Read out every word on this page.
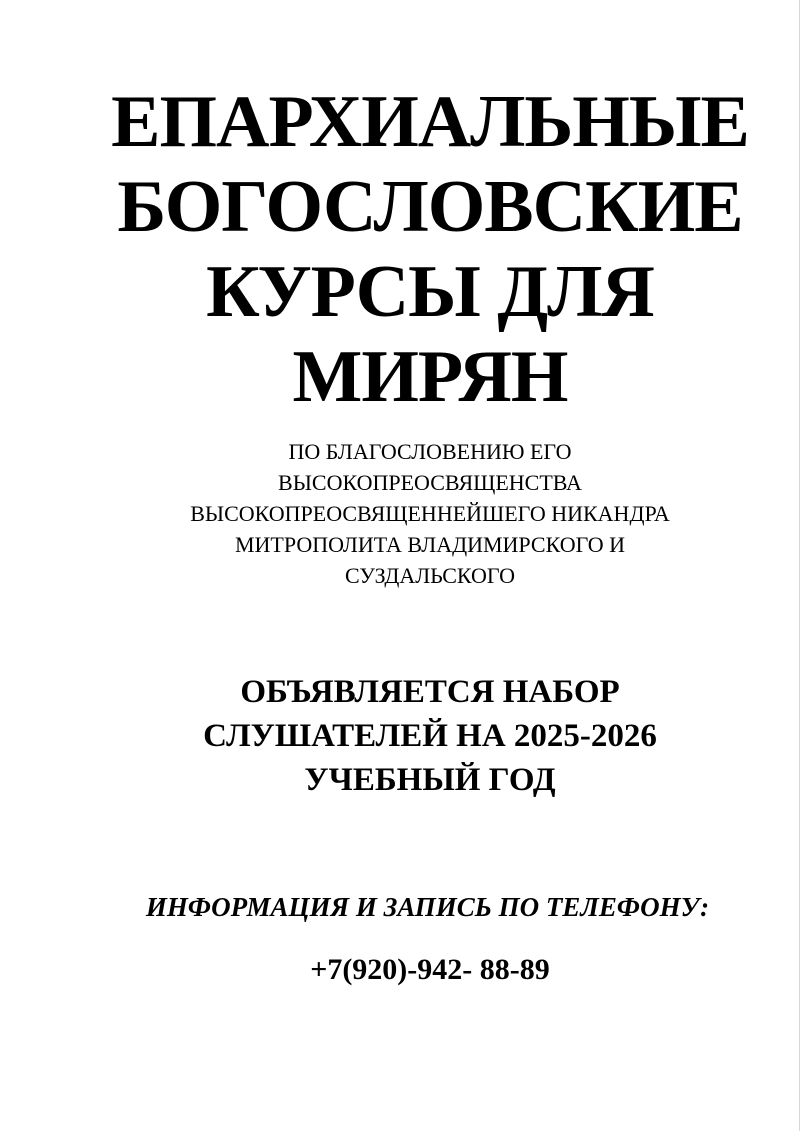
ЕПАРХИАЛЬНЫЕ
БОГОСЛОВСКИЕ
КУРСЫ ДЛЯ
МИРЯН
ПО БЛАГОСЛОВЕНИЮ ЕГО
ВЫСОКОПРЕОСВЯЩЕНСТВА
ВЫСОКОПРЕОСВЯЩЕННЕЙШЕГО НИКАНДРА
МИТРОПОЛИТА ВЛАДИМИРСКОГО И
СУЗДАЛЬСКОГО
ОБЪЯВЛЯЕТСЯ НАБОР
СЛУШАТЕЛЕЙ НА 2025-2026
УЧЕБНЫЙ ГОД
ИНФОРМАЦИЯ И ЗАПИСЬ ПО ТЕЛЕФОНУ:
+7(920)-942- 88-89
